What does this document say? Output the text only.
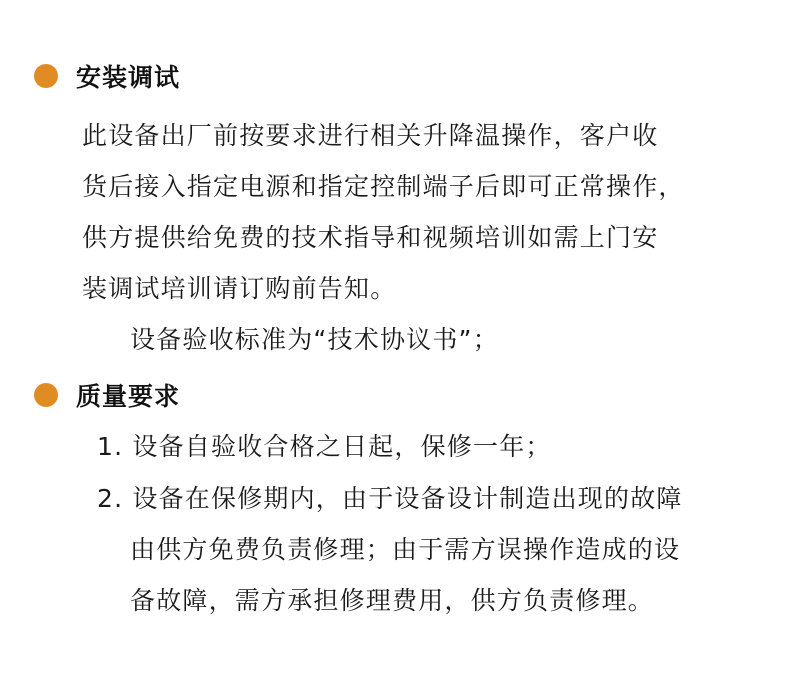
安装调试
此设备出厂前按要求进行相关升降温操作，客户收
货后接入指定电源和指定控制端子后即可正常操作，
供方提供给免费的技术指导和视频培训如需上门安
装调试培训请订购前告知。
设备验收标准为“技术协议书”；
质量要求
1. 设备自验收合格之日起，保修一年；
2. 设备在保修期内，由于设备设计制造出现的故障
由供方免费负责修理；由于需方误操作造成的设
备故障，需方承担修理费用，供方负责修理。
